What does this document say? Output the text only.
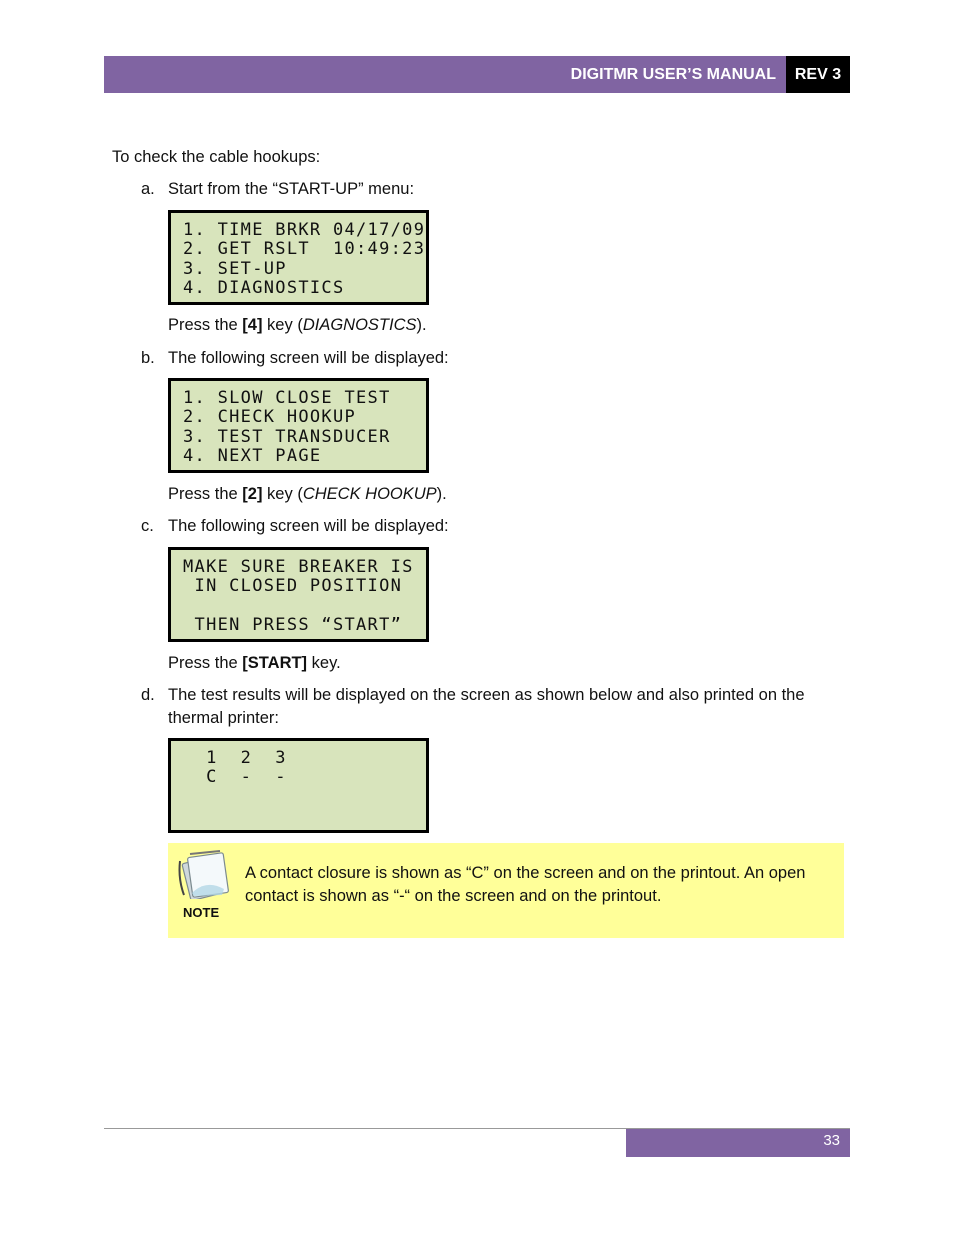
DIGITMR USER’S MANUAL	REV 3
To check the cable hookups:
a. Start from the “START-UP” menu:
1. TIME BRKR 04/17/09
2. GET RSLT  10:49:23
3. SET-UP
4. DIAGNOSTICS
Press the [4] key (DIAGNOSTICS).
b. The following screen will be displayed:
1. SLOW CLOSE TEST
2. CHECK HOOKUP
3. TEST TRANSDUCER
4. NEXT PAGE
Press the [2] key (CHECK HOOKUP).
c. The following screen will be displayed:
MAKE SURE BREAKER IS
IN CLOSED POSITION
THEN PRESS “START”
Press the [START] key.
d. The test results will be displayed on the screen as shown below and also printed on the
thermal printer:
1  2  3
C  -  -
NOTE
A contact closure is shown as “C” on the screen and on the printout. An open
contact is shown as “-“ on the screen and on the printout.
33
